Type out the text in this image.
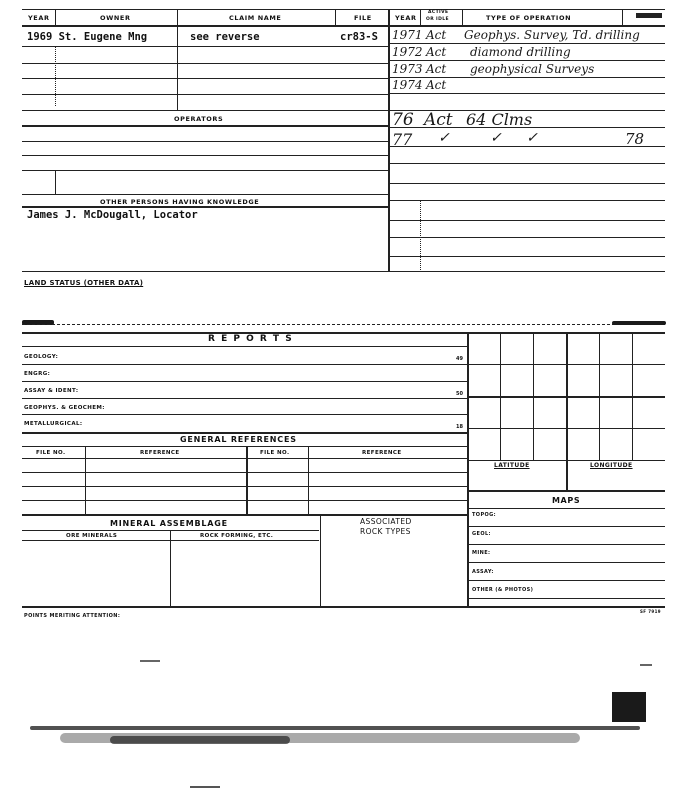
YEAR	OWNER	CLAIM NAME	FILE	YEAR
ACTIVE
OR IDLE	TYPE OF OPERATION
1969 St. Eugene Mng	see reverse	cr83-S
OPERATORS
OTHER PERSONS HAVING KNOWLEDGE
James J. McDougall, Locator
1971 Act Geophys. Survey, Td. drilling
1972 Act diamond drilling
1973 Act geophysical Surveys
1974 Act
76 Act 64 Clms
77 ✓	✓ ✓	78
LAND STATUS (OTHER DATA)
R E P O R T S
GEOLOGY:	49
ENGRG:
ASSAY & IDENT:	50
GEOPHYS. & GEOCHEM:
METALLURGICAL:	18
GENERAL REFERENCES
FILE NO.	REFERENCE	FILE NO.	REFERENCE
MINERAL ASSEMBLAGE	ASSOCIATED
ROCK TYPES
ORE MINERALS	ROCK FORMING, ETC.
LATITUDE	LONGITUDE
MAPS
TOPOG:
GEOL:
MINE:
ASSAY:
OTHER (& PHOTOS)
POINTS MERITING ATTENTION:
SF 7919
